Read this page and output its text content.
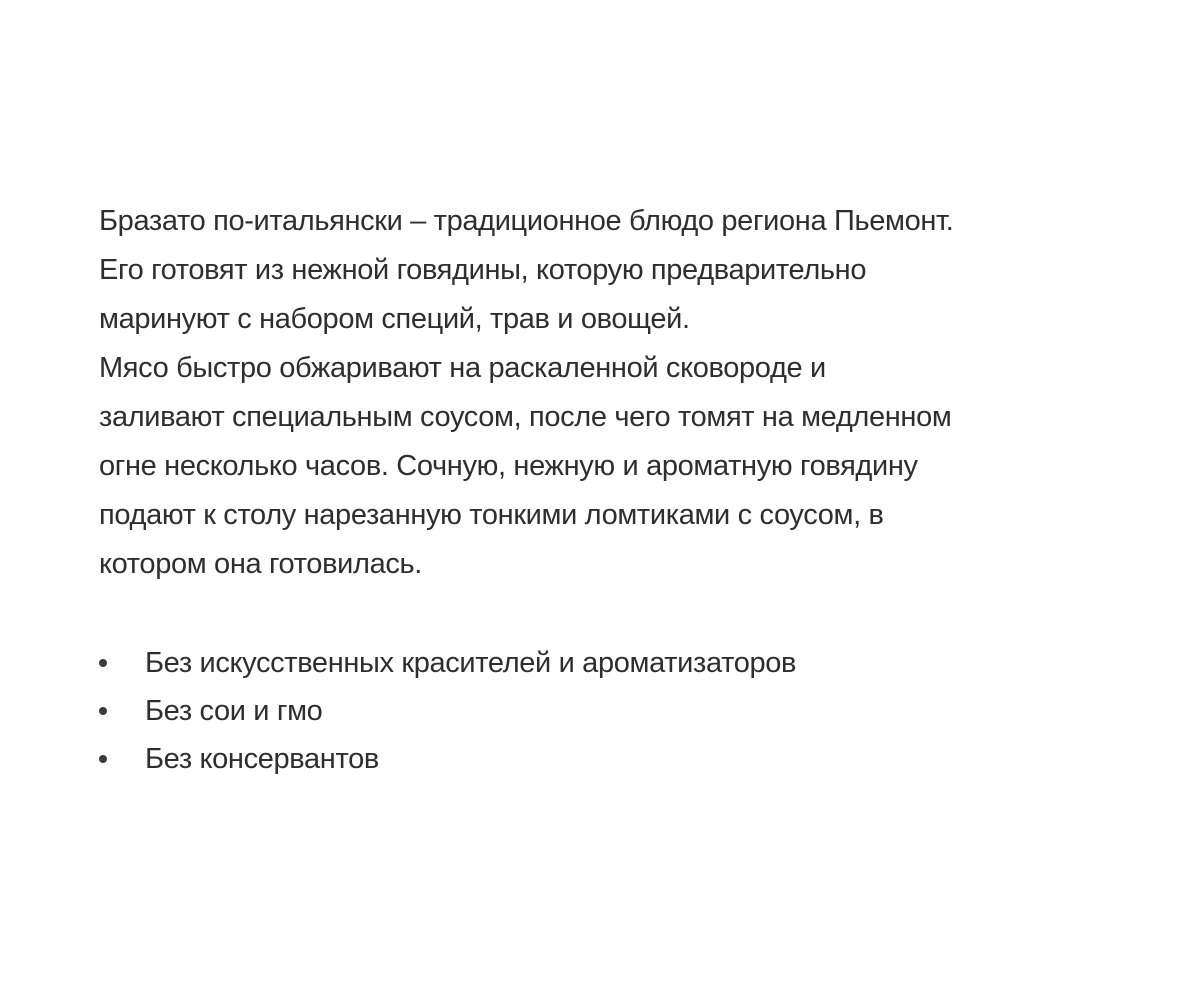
Бразато по-итальянски – традиционное блюдо региона Пьемонт.
Его готовят из нежной говядины, которую предварительно
маринуют с набором специй, трав и овощей.
Мясо быстро обжаривают на раскаленной сковороде и
заливают специальным соусом, после чего томят на медленном
огне несколько часов. Сочную, нежную и ароматную говядину
подают к столу нарезанную тонкими ломтиками с соусом, в
котором она готовилась.

Без искусственных красителей и ароматизаторов
Без сои и гмо
Без консервантов
